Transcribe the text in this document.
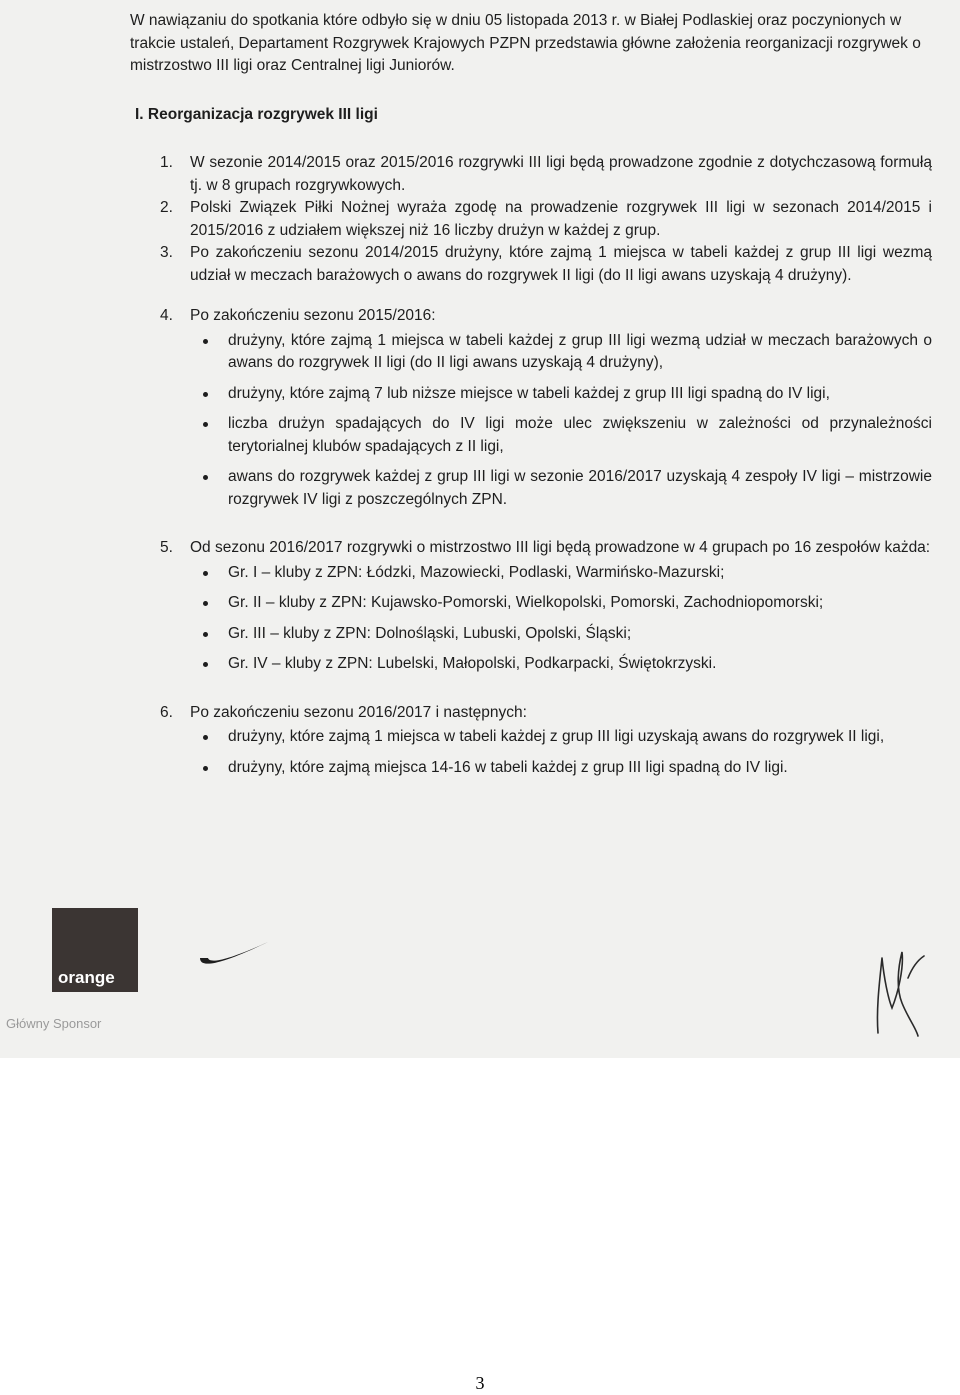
W nawiązaniu do spotkania które odbyło się w dniu 05 listopada 2013 r. w Białej Podlaskiej oraz poczynionych w trakcie ustaleń, Departament Rozgrywek Krajowych PZPN przedstawia główne założenia reorganizacji rozgrywek o mistrzostwo III ligi oraz Centralnej ligi Juniorów.

I. Reorganizacja rozgrywek III ligi
1. W sezonie 2014/2015 oraz 2015/2016 rozgrywki III ligi będą prowadzone zgodnie z dotychczasową formułą tj. w 8 grupach rozgrywkowych.
2. Polski Związek Piłki Nożnej wyraża zgodę na prowadzenie rozgrywek III ligi w sezonach 2014/2015 i 2015/2016 z udziałem większej niż 16 liczby drużyn w każdej z grup.
3. Po zakończeniu sezonu 2014/2015 drużyny, które zajmą 1 miejsca w tabeli każdej z grup III ligi wezmą udział w meczach barażowych o awans do rozgrywek II ligi (do II ligi awans uzyskają 4 drużyny).
4. Po zakończeniu sezonu 2015/2016:
drużyny, które zajmą 1 miejsca w tabeli każdej z grup III ligi wezmą udział w meczach barażowych o awans do rozgrywek II ligi (do II ligi awans uzyskają 4 drużyny),
drużyny, które zajmą 7 lub niższe miejsce w tabeli każdej z grup III ligi spadną do IV ligi,
liczba drużyn spadających do IV ligi może ulec zwiększeniu w zależności od przynależności terytorialnej klubów spadających z II ligi,
awans do rozgrywek każdej z grup III ligi w sezonie 2016/2017 uzyskają 4 zespoły IV ligi – mistrzowie rozgrywek IV ligi z poszczególnych ZPN.
5. Od sezonu 2016/2017 rozgrywki o mistrzostwo III ligi będą prowadzone w 4 grupach po 16 zespołów każda:
Gr. I – kluby z ZPN: Łódzki, Mazowiecki, Podlaski, Warmińsko-Mazurski;
Gr. II – kluby z ZPN: Kujawsko-Pomorski, Wielkopolski, Pomorski, Zachodniopomorski;
Gr. III – kluby z ZPN: Dolnośląski, Lubuski, Opolski, Śląski;
Gr. IV – kluby z ZPN: Lubelski, Małopolski, Podkarpacki, Świętokrzyski.
6. Po zakończeniu sezonu 2016/2017 i następnych:
drużyny, które zajmą 1 miejsca w tabeli każdej z grup III ligi uzyskają awans do rozgrywek II ligi,
drużyny, które zajmą miejsca 14-16 w tabeli każdej z grup III ligi spadną do IV ligi.
orange
Główny Sponsor
3
